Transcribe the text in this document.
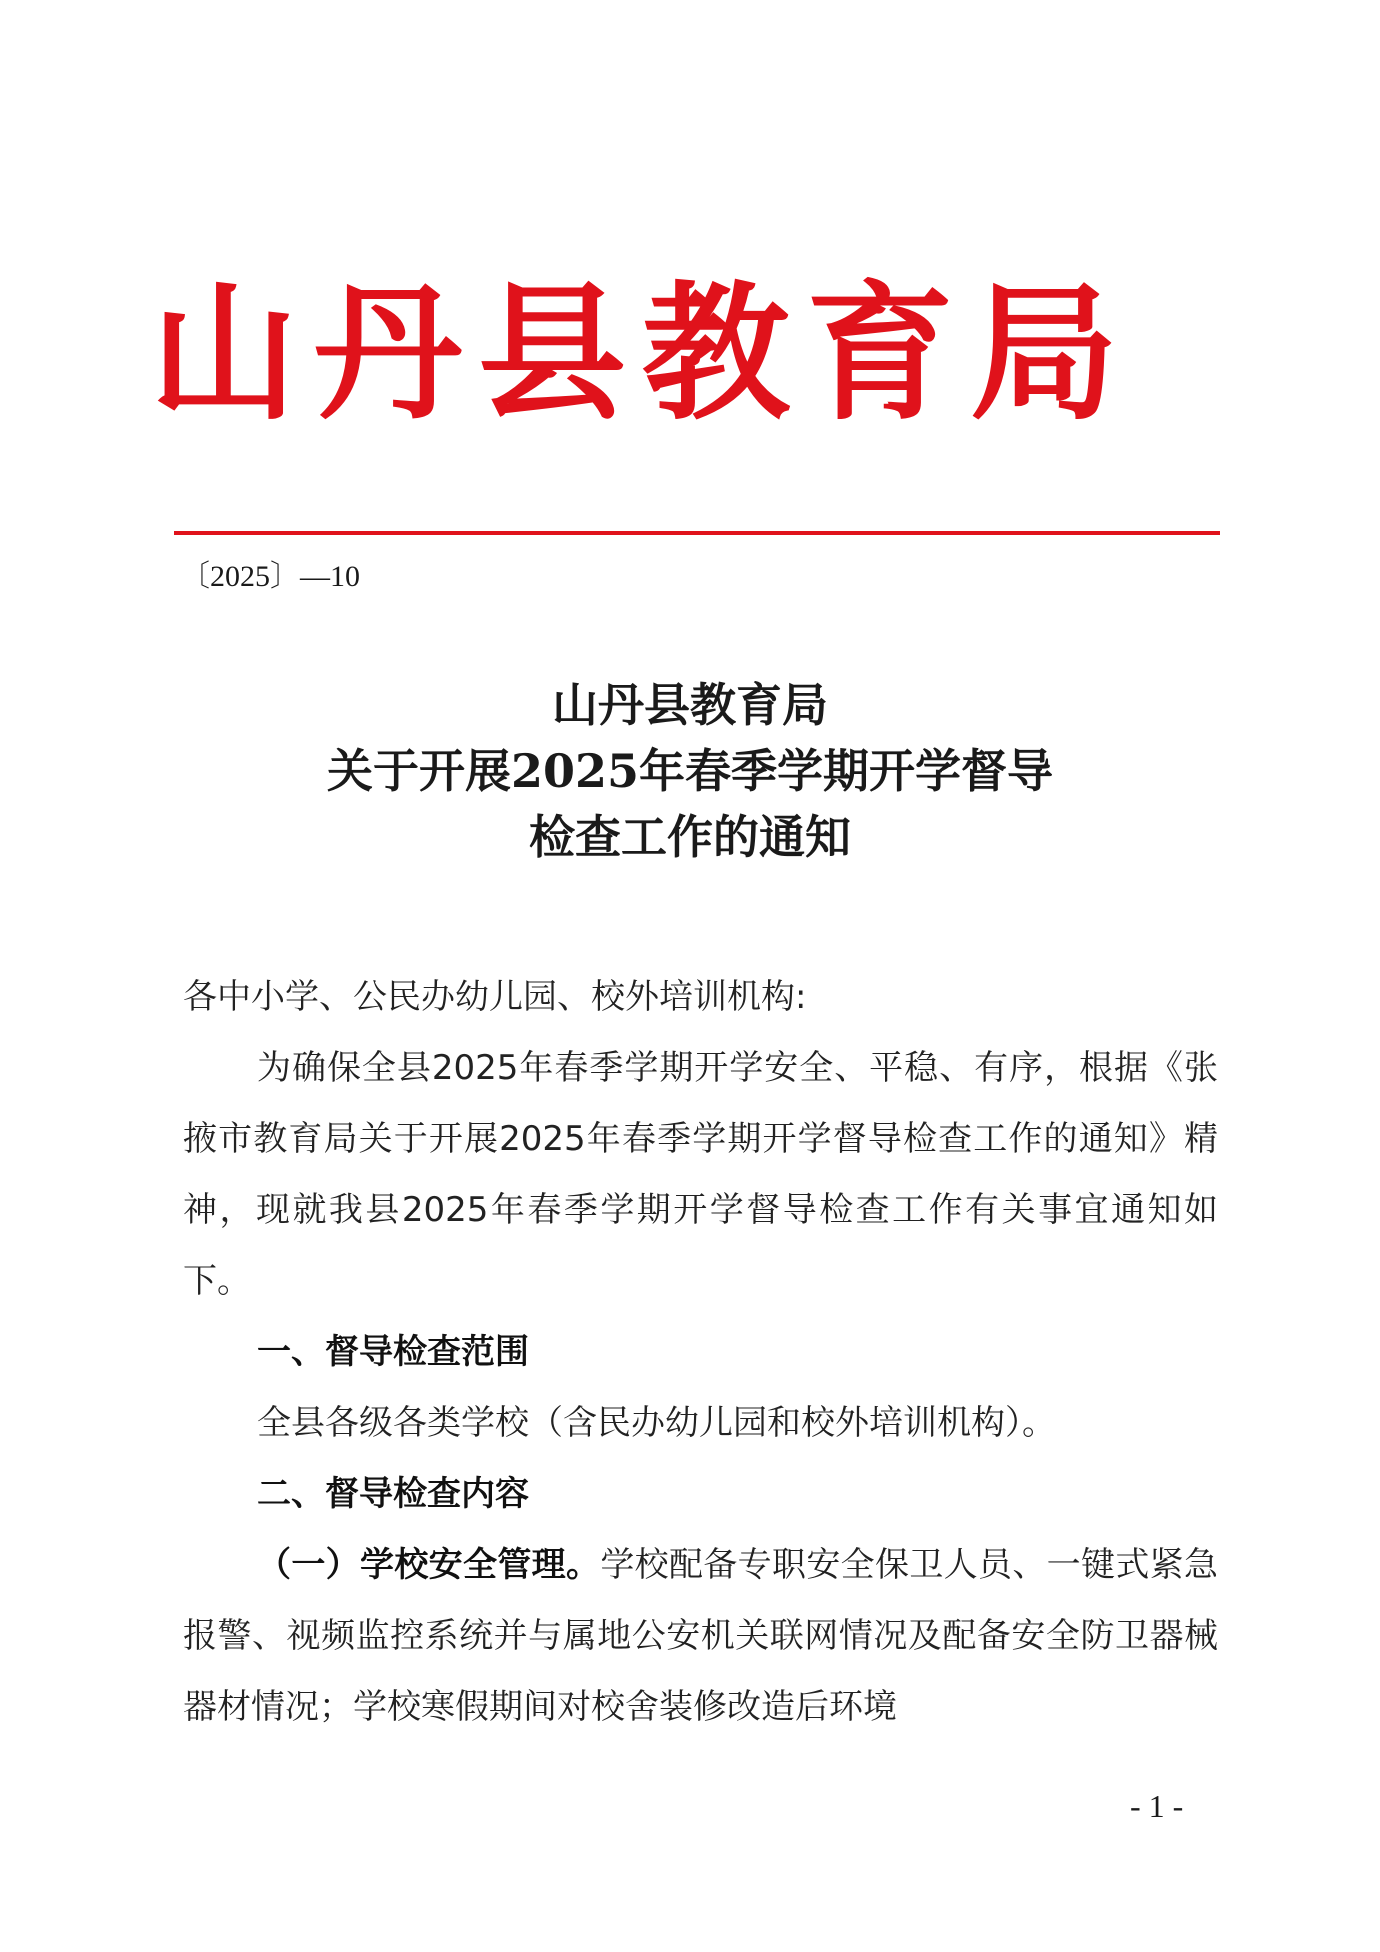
山丹县教育局
〔2025〕—10
山丹县教育局
关于开展2025年春季学期开学督导
检查工作的通知

各中小学、公民办幼儿园、校外培训机构:

为确保全县2025年春季学期开学安全、平稳、有序，根据《张掖市教育局关于开展2025年春季学期开学督导检查工作的通知》精神，现就我县2025年春季学期开学督导检查工作有关事宜通知如下。

一、督导检查范围

全县各级各类学校（含民办幼儿园和校外培训机构）。

二、督导检查内容

（一）学校安全管理。学校配备专职安全保卫人员、一键式紧急报警、视频监控系统并与属地公安机关联网情况及配备安全防卫器械器材情况；学校寒假期间对校舍装修改造后环境

- 1 -
